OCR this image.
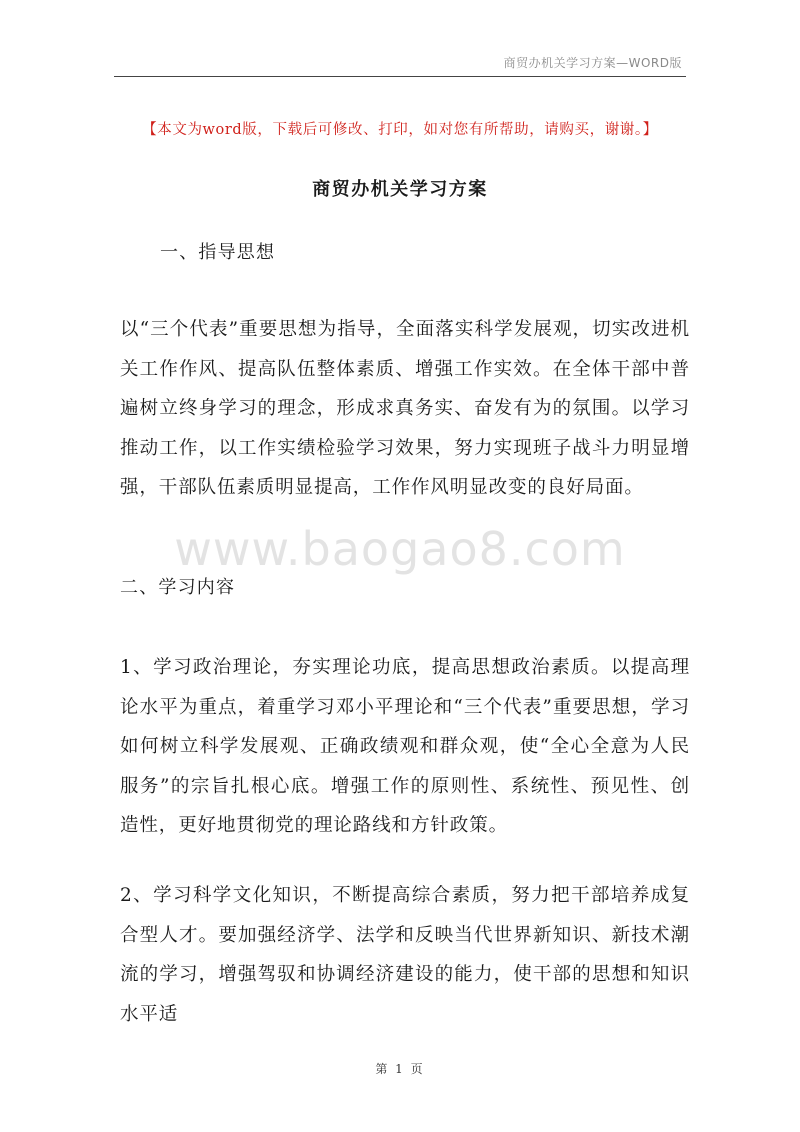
商贸办机关学习方案—WORD版
【本文为word版，下载后可修改、打印，如对您有所帮助，请购买，谢谢。】
商贸办机关学习方案
一、指导思想

以“三个代表”重要思想为指导，全面落实科学发展观，切实改进机关工作作风、提高队伍整体素质、增强工作实效。在全体干部中普遍树立终身学习的理念，形成求真务实、奋发有为的氛围。以学习推动工作，以工作实绩检验学习效果，努力实现班子战斗力明显增强，干部队伍素质明显提高，工作作风明显改变的良好局面。

www.baogao8.com
二、学习内容

1、学习政治理论，夯实理论功底，提高思想政治素质。以提高理论水平为重点，着重学习邓小平理论和“三个代表”重要思想，学习如何树立科学发展观、正确政绩观和群众观，使“全心全意为人民服务”的宗旨扎根心底。增强工作的原则性、系统性、预见性、创造性，更好地贯彻党的理论路线和方针政策。

2、学习科学文化知识，不断提高综合素质，努力把干部培养成复合型人才。要加强经济学、法学和反映当代世界新知识、新技术潮流的学习，增强驾驭和协调经济建设的能力，使干部的思想和知识水平适

第 1 页
